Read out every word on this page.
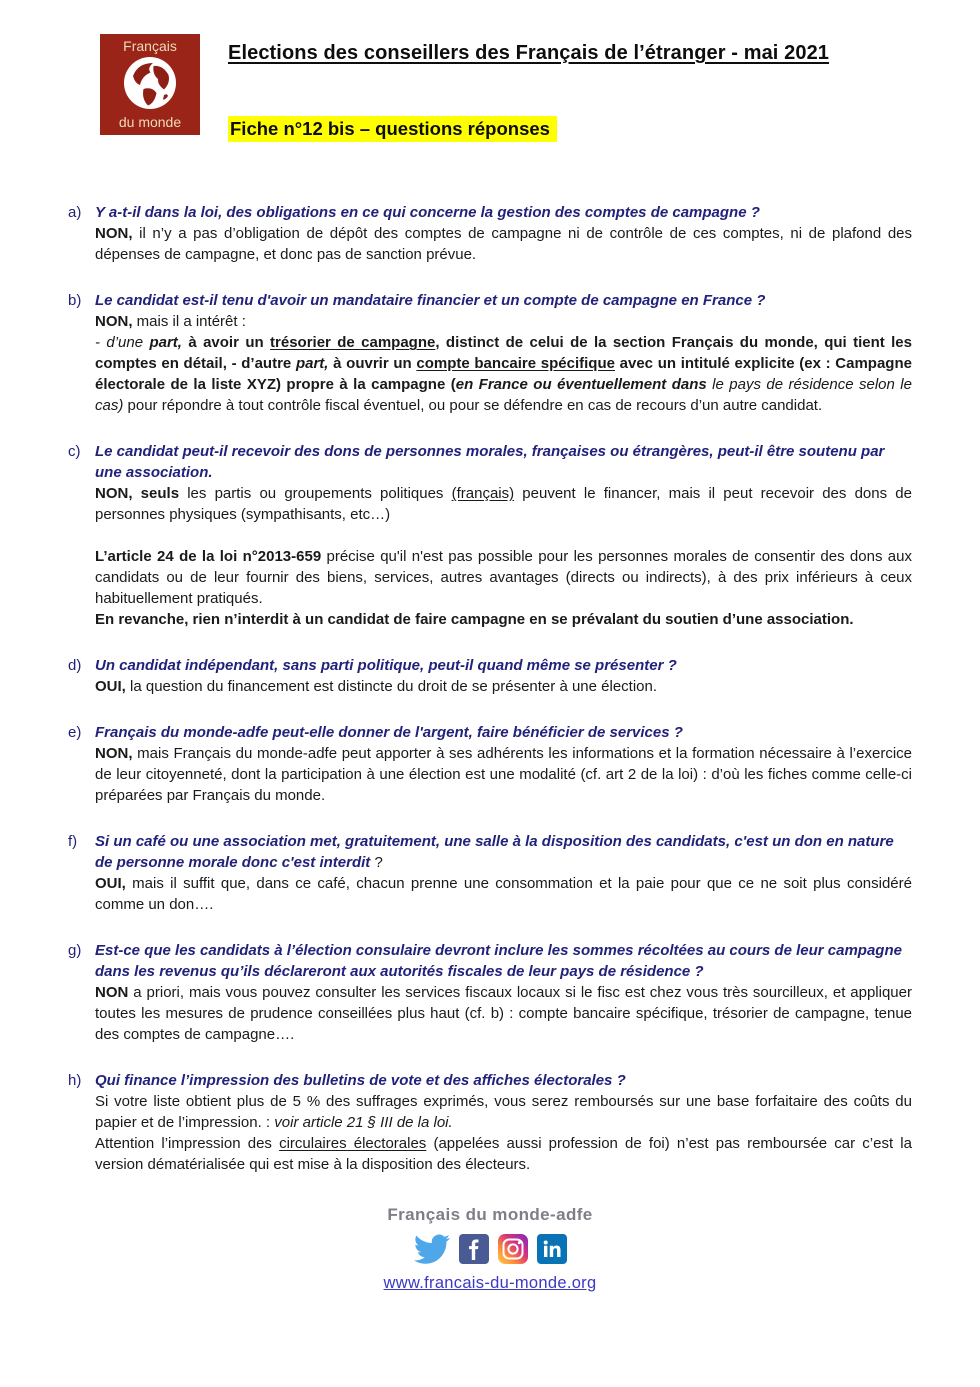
Français
du monde
Elections des conseillers des Français de l’étranger - mai 2021

Fiche n°12 bis – questions réponses
a) Y a-t-il dans la loi, des obligations en ce qui concerne la gestion des comptes de campagne ?

NON, il n’y a pas d’obligation de dépôt des comptes de campagne ni de contrôle de ces comptes, ni de plafond des dépenses de campagne, et donc pas de sanction prévue.

b) Le candidat est-il tenu d'avoir un mandataire financier et un compte de campagne en France ?

NON, mais il a intérêt :

- d’une part, à avoir un trésorier de campagne, distinct de celui de la section Français du monde, qui tient les comptes en détail, - d’autre part, à ouvrir un compte bancaire spécifique avec un intitulé explicite (ex : Campagne électorale de la liste XYZ) propre à la campagne (en France ou éventuellement dans le pays de résidence selon le cas) pour répondre à tout contrôle fiscal éventuel, ou pour se défendre en cas de recours d’un autre candidat.

c) Le candidat peut-il recevoir des dons de personnes morales, françaises ou étrangères, peut-il être soutenu par une association.

NON, seuls les partis ou groupements politiques (français) peuvent le financer, mais il peut recevoir des dons de personnes physiques (sympathisants, etc…)

L’article 24 de la loi n°2013-659 précise qu'il n'est pas possible pour les personnes morales de consentir des dons aux candidats ou de leur fournir des biens, services, autres avantages (directs ou indirects), à des prix inférieurs à ceux habituellement pratiqués.

En revanche, rien n’interdit à un candidat de faire campagne en se prévalant du soutien d’une association.

d) Un candidat indépendant, sans parti politique, peut-il quand même se présenter ?

OUI, la question du financement est distincte du droit de se présenter à une élection.

e) Français du monde-adfe peut-elle donner de l'argent, faire bénéficier de services ?

NON, mais Français du monde-adfe peut apporter à ses adhérents les informations et la formation nécessaire à l’exercice de leur citoyenneté, dont la participation à une élection est une modalité (cf. art 2 de la loi) : d’où les fiches comme celle-ci préparées par Français du monde.

f) Si un café ou une association met, gratuitement, une salle à la disposition des candidats, c'est un don en nature de personne morale donc c'est interdit ?

OUI, mais il suffit que, dans ce café, chacun prenne une consommation et la paie pour que ce ne soit plus considéré comme un don….

g) Est-ce que les candidats à l’élection consulaire devront inclure les sommes récoltées au cours de leur campagne dans les revenus qu’ils déclareront aux autorités fiscales de leur pays de résidence ?

NON a priori, mais vous pouvez consulter les services fiscaux locaux si le fisc est chez vous très sourcilleux, et appliquer toutes les mesures de prudence conseillées plus haut (cf. b) : compte bancaire spécifique, trésorier de campagne, tenue des comptes de campagne….

h) Qui finance l’impression des bulletins de vote et des affiches électorales ?

Si votre liste obtient plus de 5 % des suffrages exprimés, vous serez remboursés sur une base forfaitaire des coûts du papier et de l’impression. : voir article 21 § III de la loi.

Attention l’impression des circulaires électorales (appelées aussi profession de foi) n’est pas remboursée car c’est la version dématérialisée qui est mise à la disposition des électeurs.

Français du monde-adfe
www.francais-du-monde.org
